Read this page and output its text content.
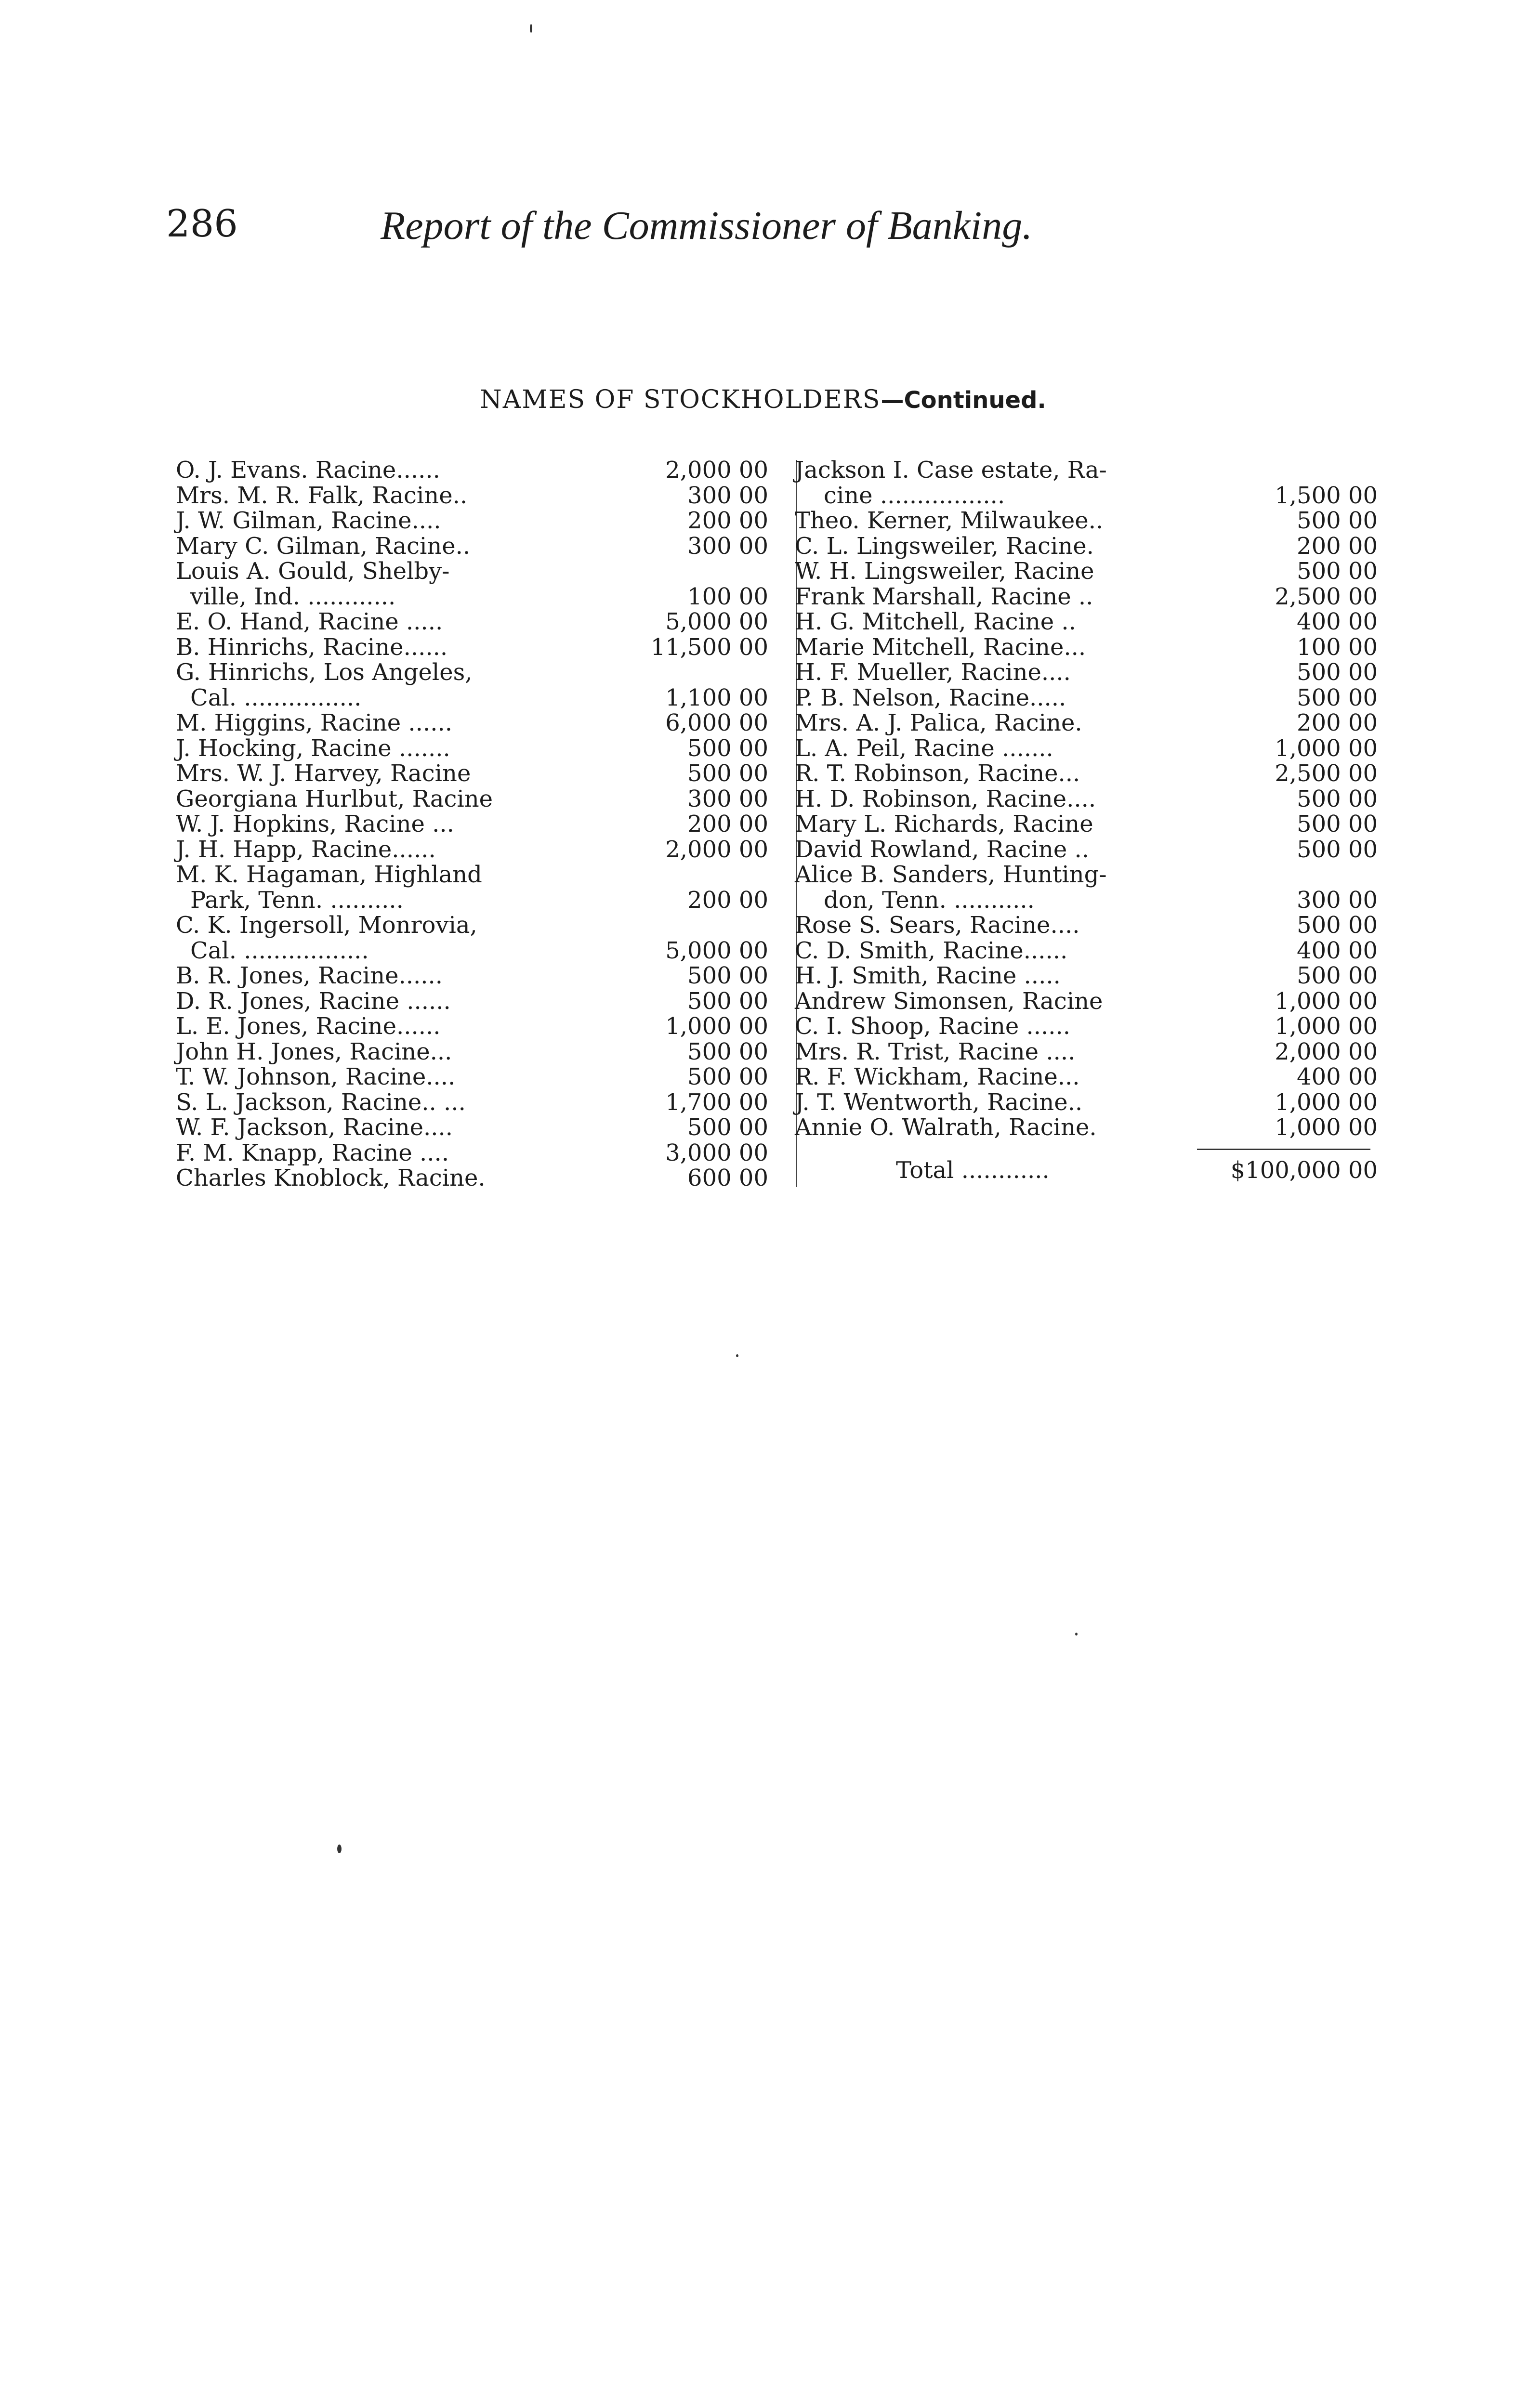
286	Report of the Commissioner of Banking.
NAMES OF STOCKHOLDERS—Continued.
O. J. Evans. Racine......	2,000 00
Mrs. M. R. Falk, Racine..	300 00
J. W. Gilman, Racine....	200 00
Mary C. Gilman, Racine..	300 00
Louis A. Gould, Shelby-
ville, Ind. ............	100 00
E. O. Hand, Racine .....	5,000 00
B. Hinrichs, Racine......	11,500 00
G. Hinrichs, Los Angeles,
Cal. ................	1,100 00
M. Higgins, Racine ......	6,000 00
J. Hocking, Racine .......	500 00
Mrs. W. J. Harvey, Racine	500 00
Georgiana Hurlbut, Racine	300 00
W. J. Hopkins, Racine ...	200 00
J. H. Happ, Racine......	2,000 00
M. K. Hagaman, Highland
Park, Tenn. ..........	200 00
C. K. Ingersoll, Monrovia,
Cal. .................	5,000 00
B. R. Jones, Racine......	500 00
D. R. Jones, Racine ......	500 00
L. E. Jones, Racine......	1,000 00
John H. Jones, Racine...	500 00
T. W. Johnson, Racine....	500 00
S. L. Jackson, Racine.. ...	1,700 00
W. F. Jackson, Racine....	500 00
F. M. Knapp, Racine ....	3,000 00
Charles Knoblock, Racine.	600 00
Jackson I. Case estate, Ra-
cine .................	1,500 00
Theo. Kerner, Milwaukee..	500 00
C. L. Lingsweiler, Racine.	200 00
W. H. Lingsweiler, Racine	500 00
Frank Marshall, Racine ..	2,500 00
H. G. Mitchell, Racine ..	400 00
Marie Mitchell, Racine...	100 00
H. F. Mueller, Racine....	500 00
P. B. Nelson, Racine.....	500 00
Mrs. A. J. Palica, Racine.	200 00
L. A. Peil, Racine .......	1,000 00
R. T. Robinson, Racine...	2,500 00
H. D. Robinson, Racine....	500 00
Mary L. Richards, Racine	500 00
David Rowland, Racine ..	500 00
Alice B. Sanders, Hunting-
don, Tenn. ...........	300 00
Rose S. Sears, Racine....	500 00
C. D. Smith, Racine......	400 00
H. J. Smith, Racine .....	500 00
Andrew Simonsen, Racine	1,000 00
C. I. Shoop, Racine ......	1,000 00
Mrs. R. Trist, Racine ....	2,000 00
R. F. Wickham, Racine...	400 00
J. T. Wentworth, Racine..	1,000 00
Annie O. Walrath, Racine.	1,000 00
Total ............	$100,000 00
